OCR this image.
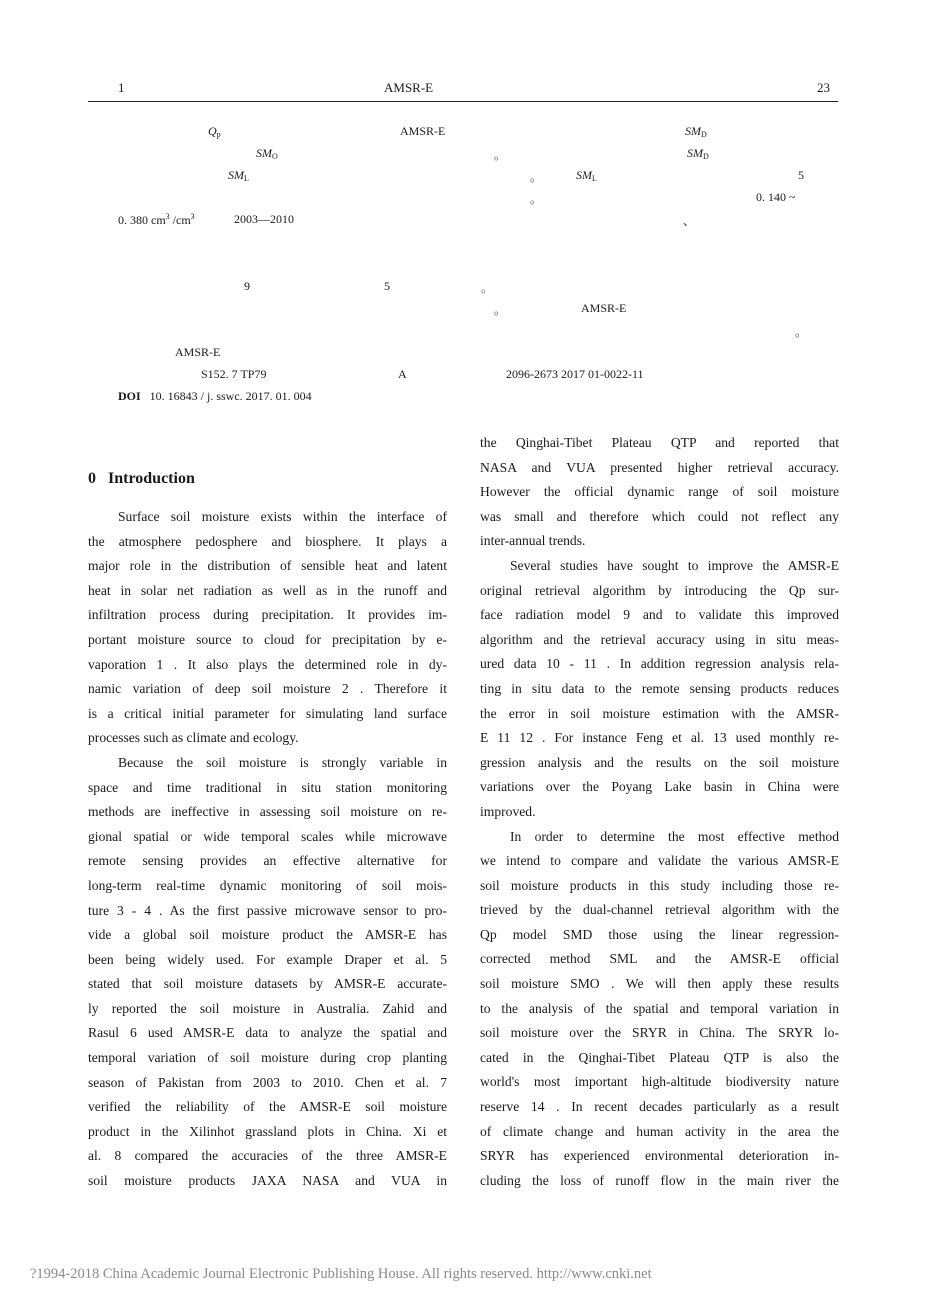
1	AMSR-E	23
$Q_p$	AMSR-E	$SM_D$
$SM_O$	。	$SM_D$
$SM_L$	。	$SM_L$	5
。	0. 140 ~
0. 380 $cm^3$ $/cm^3$	2003—2010	、
9	5	。
。	AMSR-E
。
AMSR-E
S152. 7 TP79	A	2096-2673 2017 01-0022-11
DOI 10. 16843 / j. sswc. 2017. 01. 004
0 Introduction
Surface soil moisture exists within the interface of
the atmosphere pedosphere and biosphere. It plays a
major role in the distribution of sensible heat and latent
heat in solar net radiation as well as in the runoff and
infiltration process during precipitation. It provides im-
portant moisture source to cloud for precipitation by e-
vaporation 1 . It also plays the determined role in dy-
namic variation of deep soil moisture 2 . Therefore it
is a critical initial parameter for simulating land surface
processes such as climate and ecology.
Because the soil moisture is strongly variable in
space and time traditional in situ station monitoring
methods are ineffective in assessing soil moisture on re-
gional spatial or wide temporal scales while microwave
remote sensing provides an effective alternative for
long-term real-time dynamic monitoring of soil mois-
ture 3 - 4 . As the first passive microwave sensor to pro-
vide a global soil moisture product the AMSR-E has
been being widely used. For example Draper et al. 5
stated that soil moisture datasets by AMSR-E accurate-
ly reported the soil moisture in Australia. Zahid and
Rasul 6 used AMSR-E data to analyze the spatial and
temporal variation of soil moisture during crop planting
season of Pakistan from 2003 to 2010. Chen et al. 7
verified the reliability of the AMSR-E soil moisture
product in the Xilinhot grassland plots in China. Xi et
al. 8 compared the accuracies of the three AMSR-E
soil moisture products JAXA NASA and VUA in
the Qinghai-Tibet Plateau QTP and reported that
NASA and VUA presented higher retrieval accuracy.
However the official dynamic range of soil moisture
was small and therefore which could not reflect any
inter-annual trends.
Several studies have sought to improve the AMSR-E
original retrieval algorithm by introducing the Qp sur-
face radiation model 9 and to validate this improved
algorithm and the retrieval accuracy using in situ meas-
ured data 10 - 11 . In addition regression analysis rela-
ting in situ data to the remote sensing products reduces
the error in soil moisture estimation with the AMSR-
E 11 12 . For instance Feng et al. 13 used monthly re-
gression analysis and the results on the soil moisture
variations over the Poyang Lake basin in China were
improved.
In order to determine the most effective method
we intend to compare and validate the various AMSR-E
soil moisture products in this study including those re-
trieved by the dual-channel retrieval algorithm with the
Qp model SMD those using the linear regression-
corrected method SML and the AMSR-E official
soil moisture SMO . We will then apply these results
to the analysis of the spatial and temporal variation in
soil moisture over the SRYR in China. The SRYR lo-
cated in the Qinghai-Tibet Plateau QTP is also the
world's most important high-altitude biodiversity nature
reserve 14 . In recent decades particularly as a result
of climate change and human activity in the area the
SRYR has experienced environmental deterioration in-
cluding the loss of runoff flow in the main river the
?1994-2018 China Academic Journal Electronic Publishing House. All rights reserved. http://www.cnki.net
